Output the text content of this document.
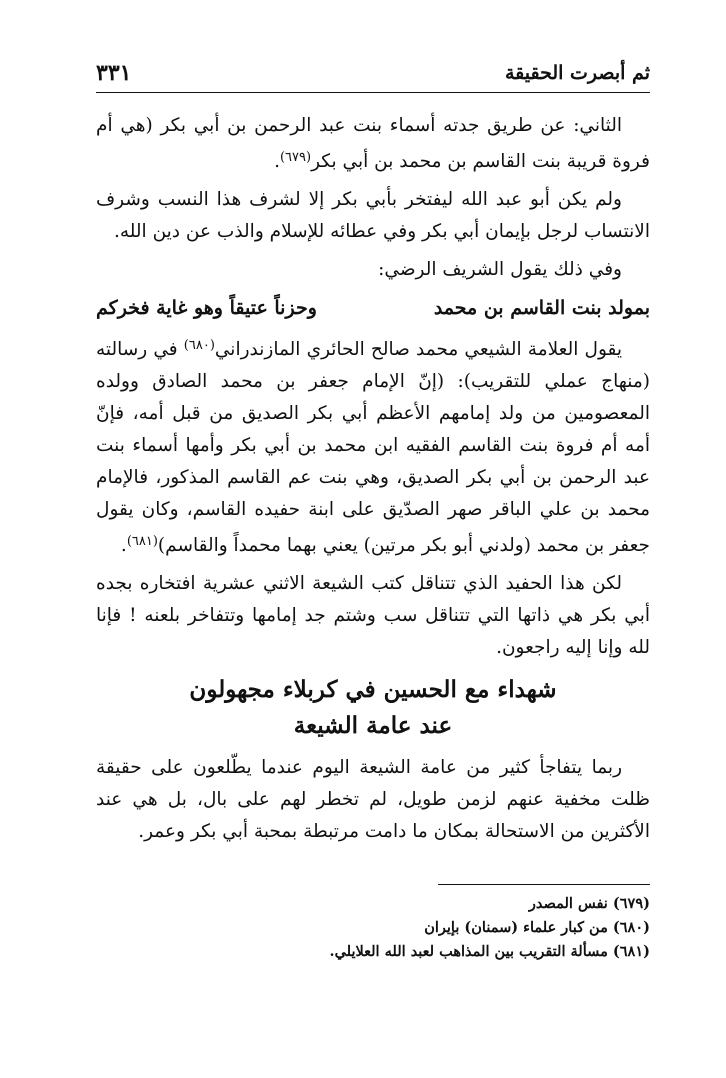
ثم أبصرت الحقيقة
٣٣١

الثاني: عن طريق جدته أسماء بنت عبد الرحمن بن أبي بكر (هي أم فروة قريبة بنت القاسم بن محمد بن أبي بكر$^{(٦٧٩)}$.

ولم يكن أبو عبد الله ليفتخر بأبي بكر إلا لشرف هذا النسب وشرف الانتساب لرجل بإيمان أبي بكر وفي عطائه للإسلام والذب عن دين الله.

وفي ذلك يقول الشريف الرضي:

بمولد بنت القاسم بن محمد
وحزناً عتيقاً وهو غاية فخركم

يقول العلامة الشيعي محمد صالح الحائري المازندراني$^{(٦٨٠)}$ في رسالته (منهاج عملي للتقريب): (إنّ الإمام جعفر بن محمد الصادق وولده المعصومين من ولد إمامهم الأعظم أبي بكر الصديق من قبل أمه، فإنّ أمه أم فروة بنت القاسم الفقيه ابن محمد بن أبي بكر وأمها أسماء بنت عبد الرحمن بن أبي بكر الصديق، وهي بنت عم القاسم المذكور، فالإمام محمد بن علي الباقر صهر الصدّيق على ابنة حفيده القاسم، وكان يقول جعفر بن محمد (ولدني أبو بكر مرتين) يعني بهما محمداً والقاسم)$^{(٦٨١)}$.

لكن هذا الحفيد الذي تتناقل كتب الشيعة الاثني عشرية افتخاره بجده أبي بكر هي ذاتها التي تتناقل سب وشتم جد إمامها وتتفاخر بلعنه ! فإنا لله وإنا إليه راجعون.

شهداء مع الحسين في كربلاء مجهولون
عند عامة الشيعة

ربما يتفاجأ كثير من عامة الشيعة اليوم عندما يطّلعون على حقيقة ظلت مخفية عنهم لزمن طويل، لم تخطر لهم على بال، بل هي عند الأكثرين من الاستحالة بمكان ما دامت مرتبطة بمحبة أبي بكر وعمر.

(٦٧٩) نفس المصدر
(٦٨٠) من كبار علماء (سمنان) بإيران
(٦٨١) مسألة التقريب بين المذاهب لعبد الله العلايلي.
